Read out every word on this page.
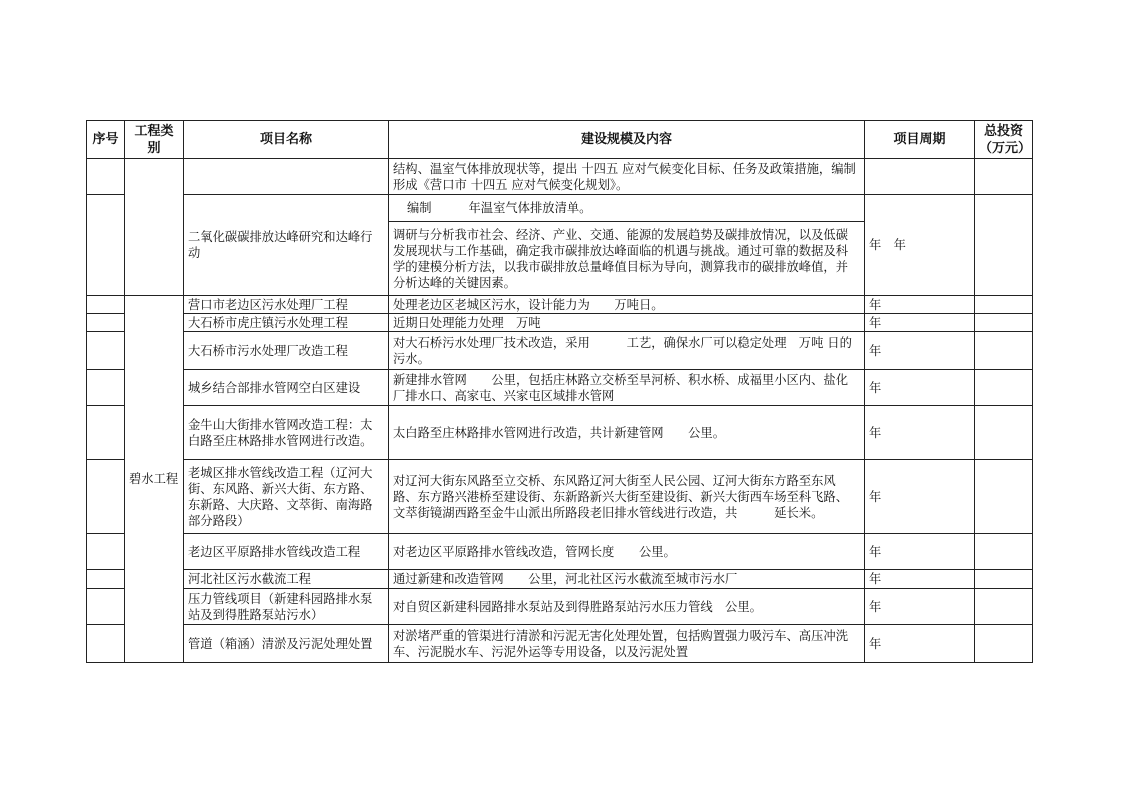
序号	工程类别	项目名称	建设规模及内容	项目周期	总投资（万元）
			结构、温室气体排放现状等，提出 十四五 应对气候变化目标、任务及政策措施，编制形成《营口市 十四五 应对气候变化规划》。		
		二氧化碳碳排放达峰研究和达峰行动	编制　　　年温室气体排放清单。	年　年	
			调研与分析我市社会、经济、产业、交通、能源的发展趋势及碳排放情况，以及低碳发展现状与工作基础，确定我市碳排放达峰面临的机遇与挑战。通过可靠的数据及科学的建模分析方法，以我市碳排放总量峰值目标为导向，测算我市的碳排放峰值，并分析达峰的关键因素。		
	碧水工程	营口市老边区污水处理厂工程	处理老边区老城区污水，设计能力为　　万吨日。	年	
		大石桥市虎庄镇污水处理工程	近期日处理能力处理　万吨	年	
		大石桥市污水处理厂改造工程	对大石桥污水处理厂技术改造，采用　　　工艺，确保水厂可以稳定处理　万吨 日的污水。	年	
		城乡结合部排水管网空白区建设	新建排水管网　　公里，包括庄林路立交桥至旱河桥、积水桥、成福里小区内、盐化厂排水口、高家屯、兴家屯区域排水管网	年	
		金牛山大街排水管网改造工程：太白路至庄林路排水管网进行改造。	太白路至庄林路排水管网进行改造，共计新建管网　　公里。	年	
		老城区排水管线改造工程（辽河大街、东风路、新兴大街、东方路、东新路、大庆路、文萃街、南海路部分路段）	对辽河大街东风路至立交桥、东风路辽河大街至人民公园、辽河大街东方路至东风路、东方路兴港桥至建设街、东新路新兴大街至建设街、新兴大街西车场至科飞路、文萃街镜湖西路至金牛山派出所路段老旧排水管线进行改造，共　　　延长米。	年	
		老边区平原路排水管线改造工程	对老边区平原路排水管线改造，管网长度　　公里。	年	
		河北社区污水截流工程	通过新建和改造管网　　公里，河北社区污水截流至城市污水厂	年	
		压力管线项目（新建科园路排水泵站及到得胜路泵站污水）	对自贸区新建科园路排水泵站及到得胜路泵站污水压力管线　公里。	年	
		管道（箱涵）清淤及污泥处理处置	对淤堵严重的管渠进行清淤和污泥无害化处理处置，包括购置强力吸污车、高压冲洗车、污泥脱水车、污泥外运等专用设备，以及污泥处置	年	
